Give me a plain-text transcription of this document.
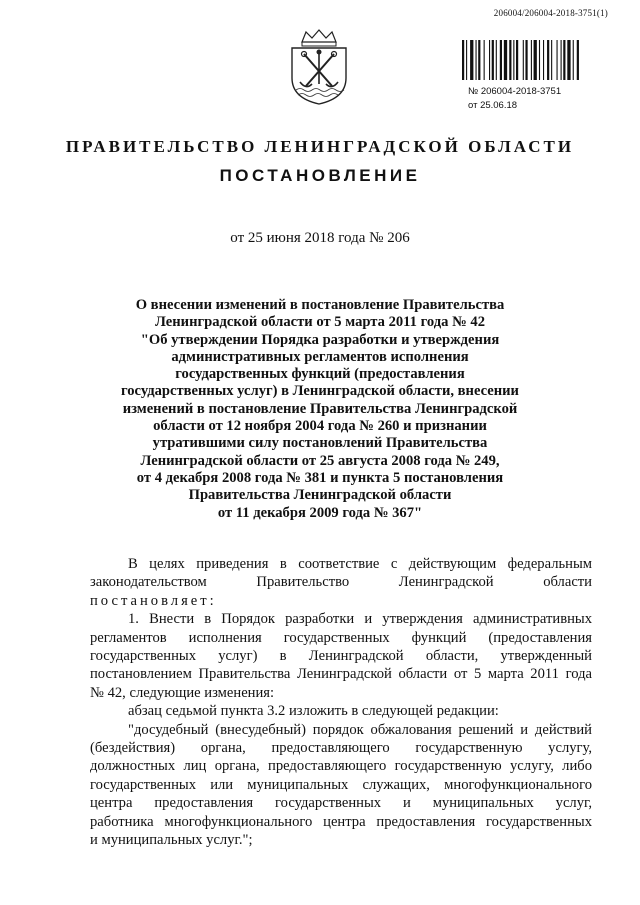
206004/206004-2018-3751(1)
№ 206004-2018-3751
от 25.06.18
ПРАВИТЕЛЬСТВО ЛЕНИНГРАДСКОЙ ОБЛАСТИ
ПОСТАНОВЛЕНИЕ
от 25 июня 2018 года № 206
О внесении изменений в постановление Правительства
Ленинградской области от 5 марта 2011 года № 42
"Об утверждении Порядка разработки и утверждения
административных регламентов исполнения
государственных функций (предоставления
государственных услуг) в Ленинградской области, внесении
изменений в постановление Правительства Ленинградской
области от 12 ноября 2004 года № 260 и признании
утратившими силу постановлений Правительства
Ленинградской области от 25 августа 2008 года № 249,
от 4 декабря 2008 года № 381 и пункта 5 постановления
Правительства Ленинградской области
от 11 декабря 2009 года № 367"
В целях приведения в соответствие с действующим федеральным
законодательством Правительство Ленинградской области
постановляет:
1. Внести в Порядок разработки и утверждения административных
регламентов исполнения государственных функций (предоставления
государственных услуг) в Ленинградской области, утвержденный
постановлением Правительства Ленинградской области от 5 марта 2011 года
№ 42, следующие изменения:
абзац седьмой пункта 3.2 изложить в следующей редакции:
"досудебный (внесудебный) порядок обжалования решений и действий
(бездействия) органа, предоставляющего государственную услугу,
должностных лиц органа, предоставляющего государственную услугу, либо
государственных или муниципальных служащих, многофункционального
центра предоставления государственных и муниципальных услуг,
работника многофункционального центра предоставления государственных
и муниципальных услуг.";
